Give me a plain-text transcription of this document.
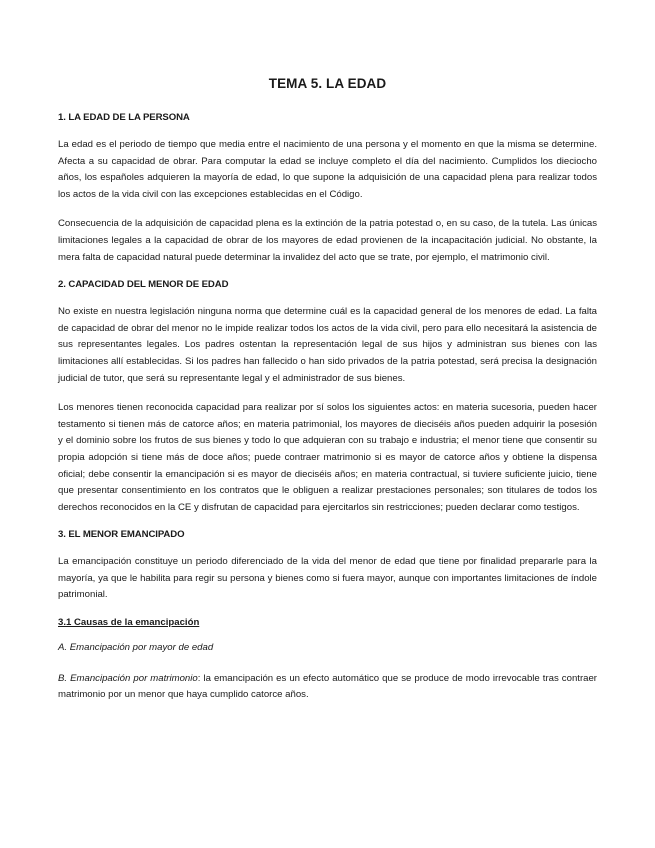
TEMA 5. LA EDAD
1. LA EDAD DE LA PERSONA

La edad es el periodo de tiempo que media entre el nacimiento de una persona y el momento en que la misma se determine. Afecta a su capacidad de obrar. Para computar la edad se incluye completo el día del nacimiento. Cumplidos los dieciocho años, los españoles adquieren la mayoría de edad, lo que supone la adquisición de una capacidad plena para realizar todos los actos de la vida civil con las excepciones establecidas en el Código.

Consecuencia de la adquisición de capacidad plena es la extinción de la patria potestad o, en su caso, de la tutela. Las únicas limitaciones legales a la capacidad de obrar de los mayores de edad provienen de la incapacitación judicial. No obstante, la mera falta de capacidad natural puede determinar la invalidez del acto que se trate, por ejemplo, el matrimonio civil.

2. CAPACIDAD DEL MENOR DE EDAD

No existe en nuestra legislación ninguna norma que determine cuál es la capacidad general de los menores de edad. La falta de capacidad de obrar del menor no le impide realizar todos los actos de la vida civil, pero para ello necesitará la asistencia de sus representantes legales. Los padres ostentan la representación legal de sus hijos y administran sus bienes con las limitaciones allí establecidas. Si los padres han fallecido o han sido privados de la patria potestad, será precisa la designación judicial de tutor, que será su representante legal y el administrador de sus bienes.

Los menores tienen reconocida capacidad para realizar por sí solos los siguientes actos: en materia sucesoria, pueden hacer testamento si tienen más de catorce años; en materia patrimonial, los mayores de dieciséis años pueden adquirir la posesión y el dominio sobre los frutos de sus bienes y todo lo que adquieran con su trabajo e industria; el menor tiene que consentir su propia adopción si tiene más de doce años; puede contraer matrimonio si es mayor de catorce años y obtiene la dispensa oficial; debe consentir la emancipación si es mayor de dieciséis años; en materia contractual, si tuviere suficiente juicio, tiene que presentar consentimiento en los contratos que le obliguen a realizar prestaciones personales; son titulares de todos los derechos reconocidos en la CE y disfrutan de capacidad para ejercitarlos sin restricciones; pueden declarar como testigos.

3. EL MENOR EMANCIPADO

La emancipación constituye un periodo diferenciado de la vida del menor de edad que tiene por finalidad prepararle para la mayoría, ya que le habilita para regir su persona y bienes como si fuera mayor, aunque con importantes limitaciones de índole patrimonial.

3.1 Causas de la emancipación

A. Emancipación por mayor de edad

B. Emancipación por matrimonio: la emancipación es un efecto automático que se produce de modo irrevocable tras contraer matrimonio por un menor que haya cumplido catorce años.
